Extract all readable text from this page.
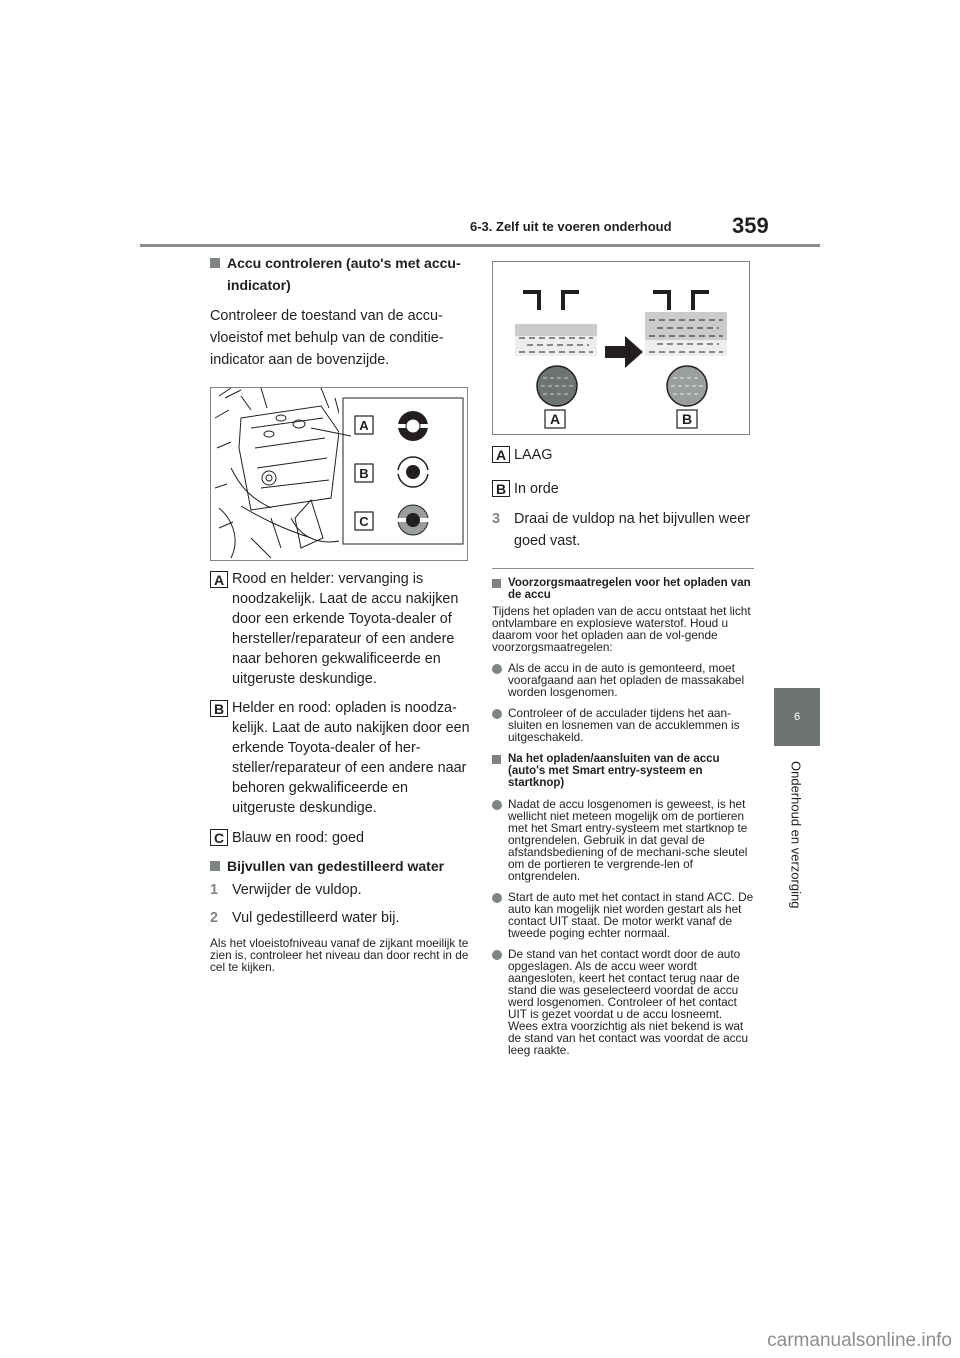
6-3. Zelf uit te voeren onderhoud	359
6
Onderhoud en verzorging

Accu controleren (auto's met accu-indicator)

Controleer de toestand van de accu-vloeistof met behulp van de conditie-indicator aan de bovenzijde.

A
B
C

A Rood en helder: vervanging is noodzakelijk. Laat de accu nakijken door een erkende Toyota-dealer of hersteller/reparateur of een andere naar behoren gekwalificeerde en uitgeruste deskundige.

B Helder en rood: opladen is noodza-kelijk. Laat de auto nakijken door een erkende Toyota-dealer of her-steller/reparateur of een andere naar behoren gekwalificeerde en uitgeruste deskundige.

C Blauw en rood: goed

Bijvullen van gedestilleerd water

1 Verwijder de vuldop.

2 Vul gedestilleerd water bij.

Als het vloeistofniveau vanaf de zijkant moeilijk te zien is, controleer het niveau dan door recht in de cel te kijken.

A	B

A LAAG

B In orde

3 Draai de vuldop na het bijvullen weer goed vast.

Voorzorgsmaatregelen voor het opladen van de accu

Tijdens het opladen van de accu ontstaat het licht ontvlambare en explosieve waterstof. Houd u daarom voor het opladen aan de vol-gende voorzorgsmaatregelen:

Als de accu in de auto is gemonteerd, moet voorafgaand aan het opladen de massakabel worden losgenomen.

Controleer of de acculader tijdens het aan-sluiten en losnemen van de accuklemmen is uitgeschakeld.

Na het opladen/aansluiten van de accu (auto's met Smart entry-systeem en startknop)

Nadat de accu losgenomen is geweest, is het wellicht niet meteen mogelijk om de portieren met het Smart entry-systeem met startknop te ontgrendelen. Gebruik in dat geval de afstandsbediening of de mechani-sche sleutel om de portieren te vergrende-len of ontgrendelen.

Start de auto met het contact in stand ACC. De auto kan mogelijk niet worden gestart als het contact UIT staat. De motor werkt vanaf de tweede poging echter normaal.

De stand van het contact wordt door de auto opgeslagen. Als de accu weer wordt aangesloten, keert het contact terug naar de stand die was geselecteerd voordat de accu werd losgenomen. Controleer of het contact UIT is gezet voordat u de accu losneemt. Wees extra voorzichtig als niet bekend is wat de stand van het contact was voordat de accu leeg raakte.

carmanualsonline.info
